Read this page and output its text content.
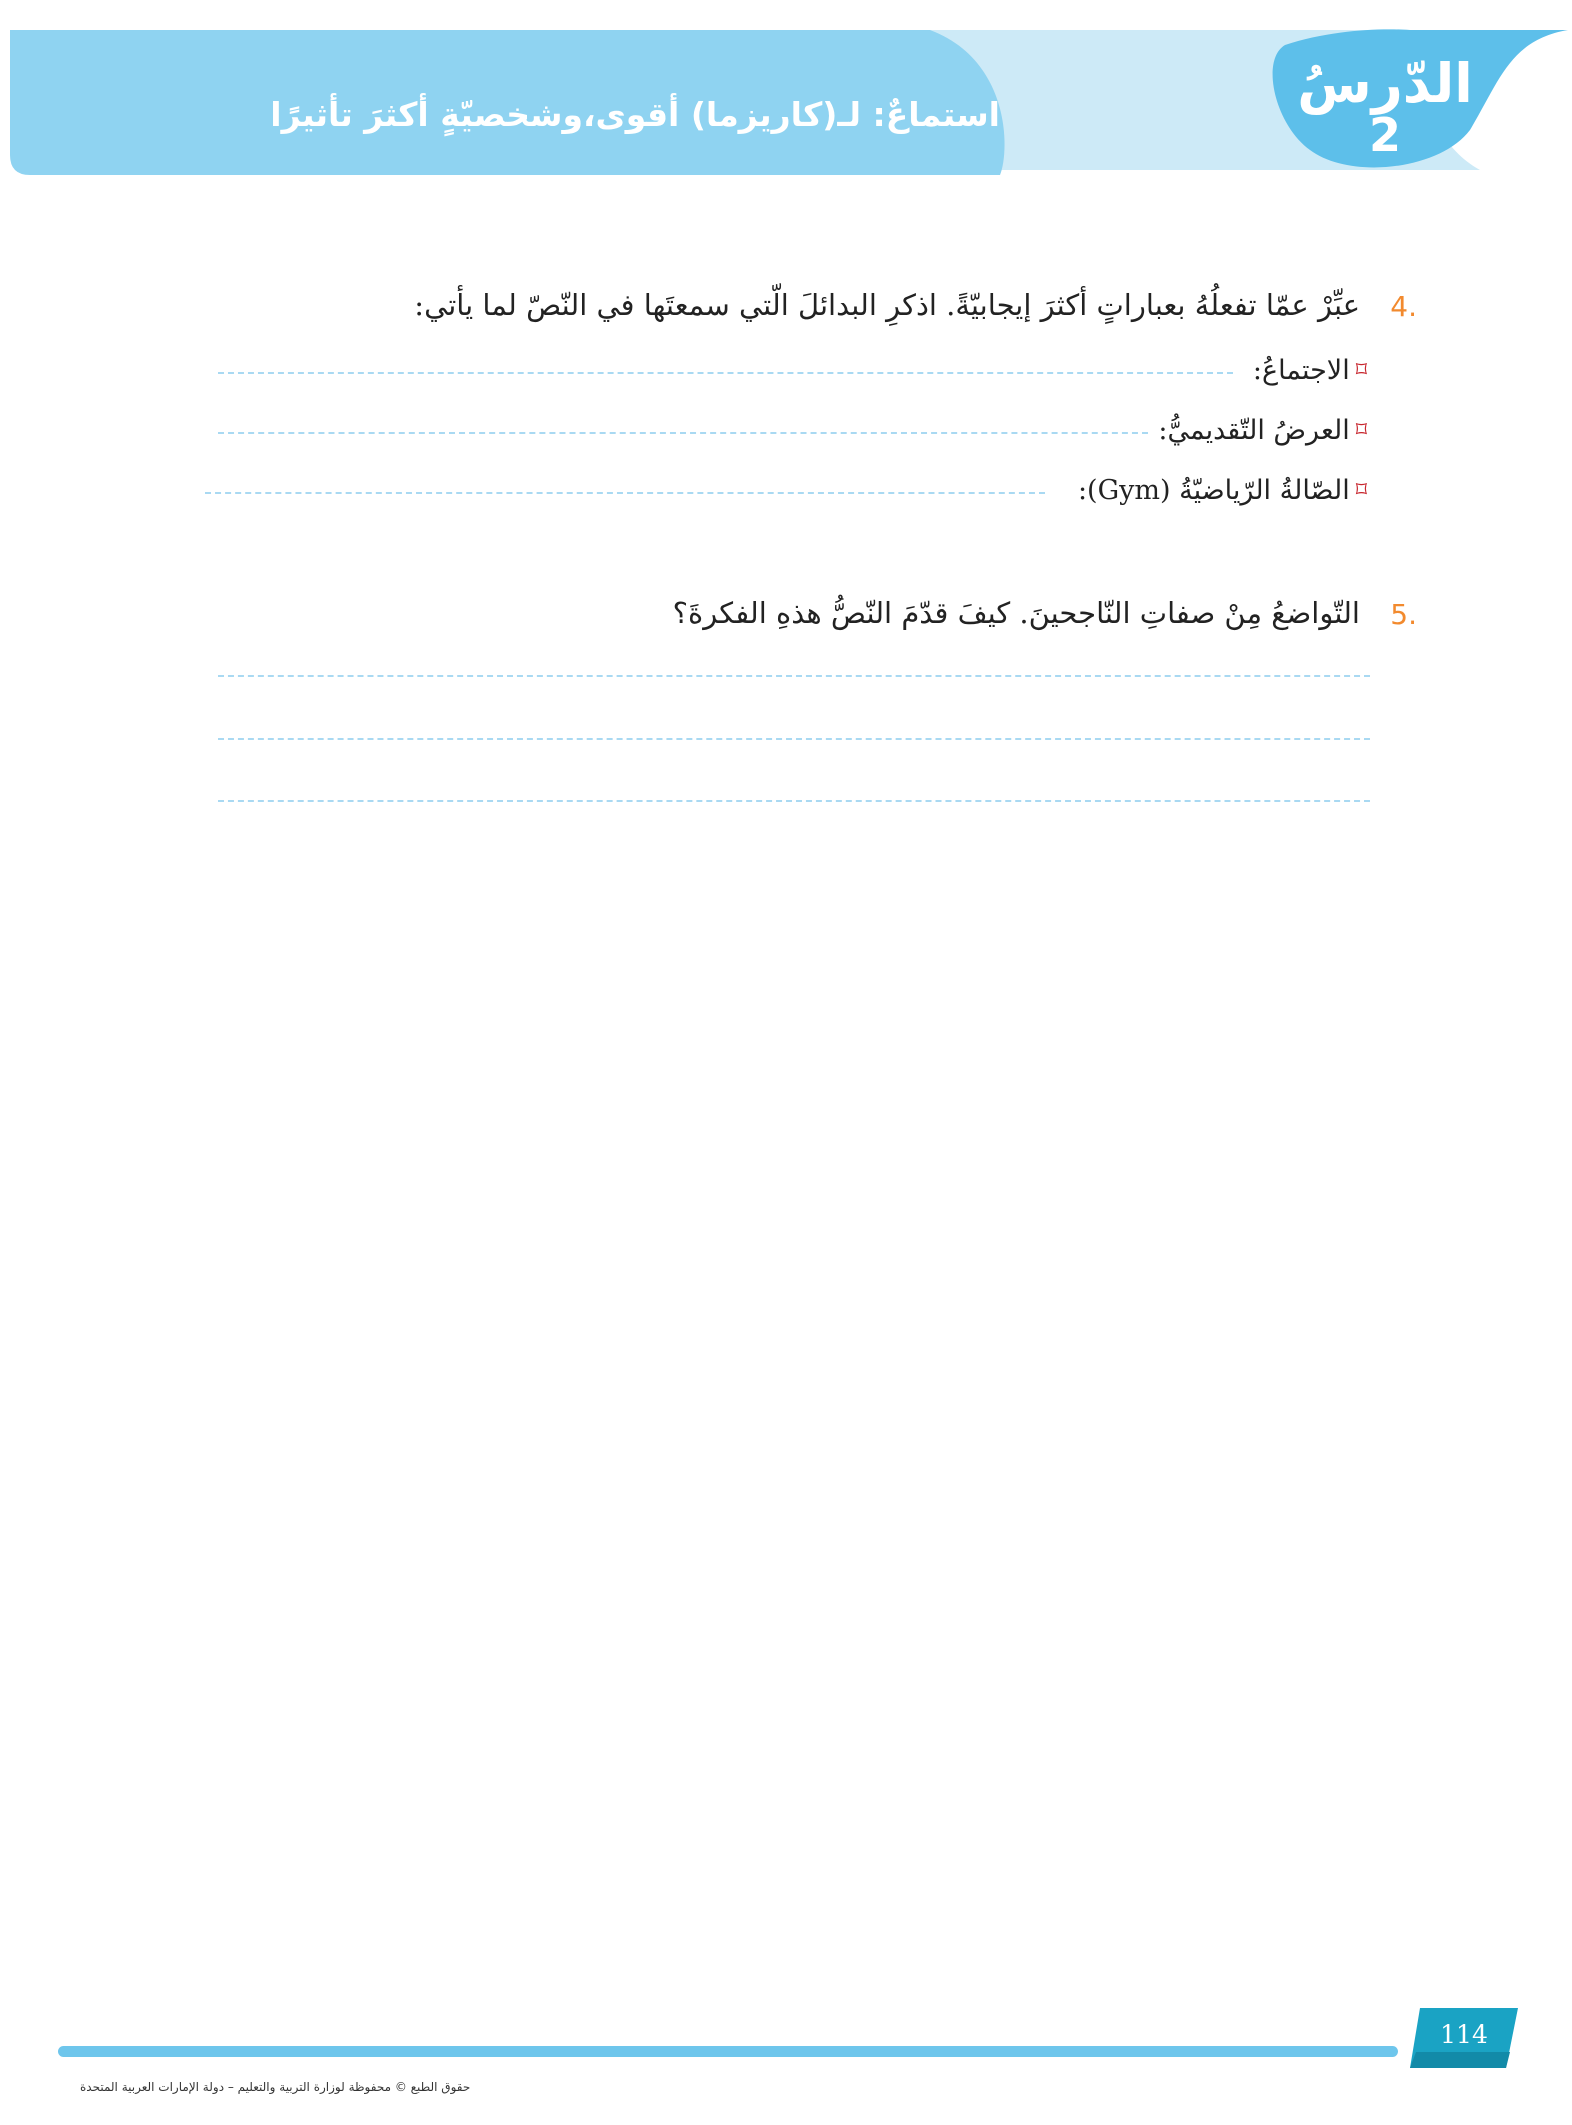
استماعٌ: لـ(كاريزما) أقوى،وشخصيّةٍ أكثرَ تأثيرًا	الدّرسُ
2
4.
عبِّرْ عمّا تفعلُهُ بعباراتٍ أكثرَ إيجابيّةً. اذكرِ البدائلَ الّتي سمعتَها في النّصّ لما يأتي:
⌑
الاجتماعُ:
⌑
العرضُ التّقديميُّ:
⌑
الصّالةُ الرّياضيّةُ (Gym):
5.
التّواضعُ مِنْ صفاتِ النّاجحينَ. كيفَ قدّمَ النّصُّ هذهِ الفكرةَ؟
114
حقوق الطبع © محفوظة لوزارة التربية والتعليم – دولة الإمارات العربية المتحدة
